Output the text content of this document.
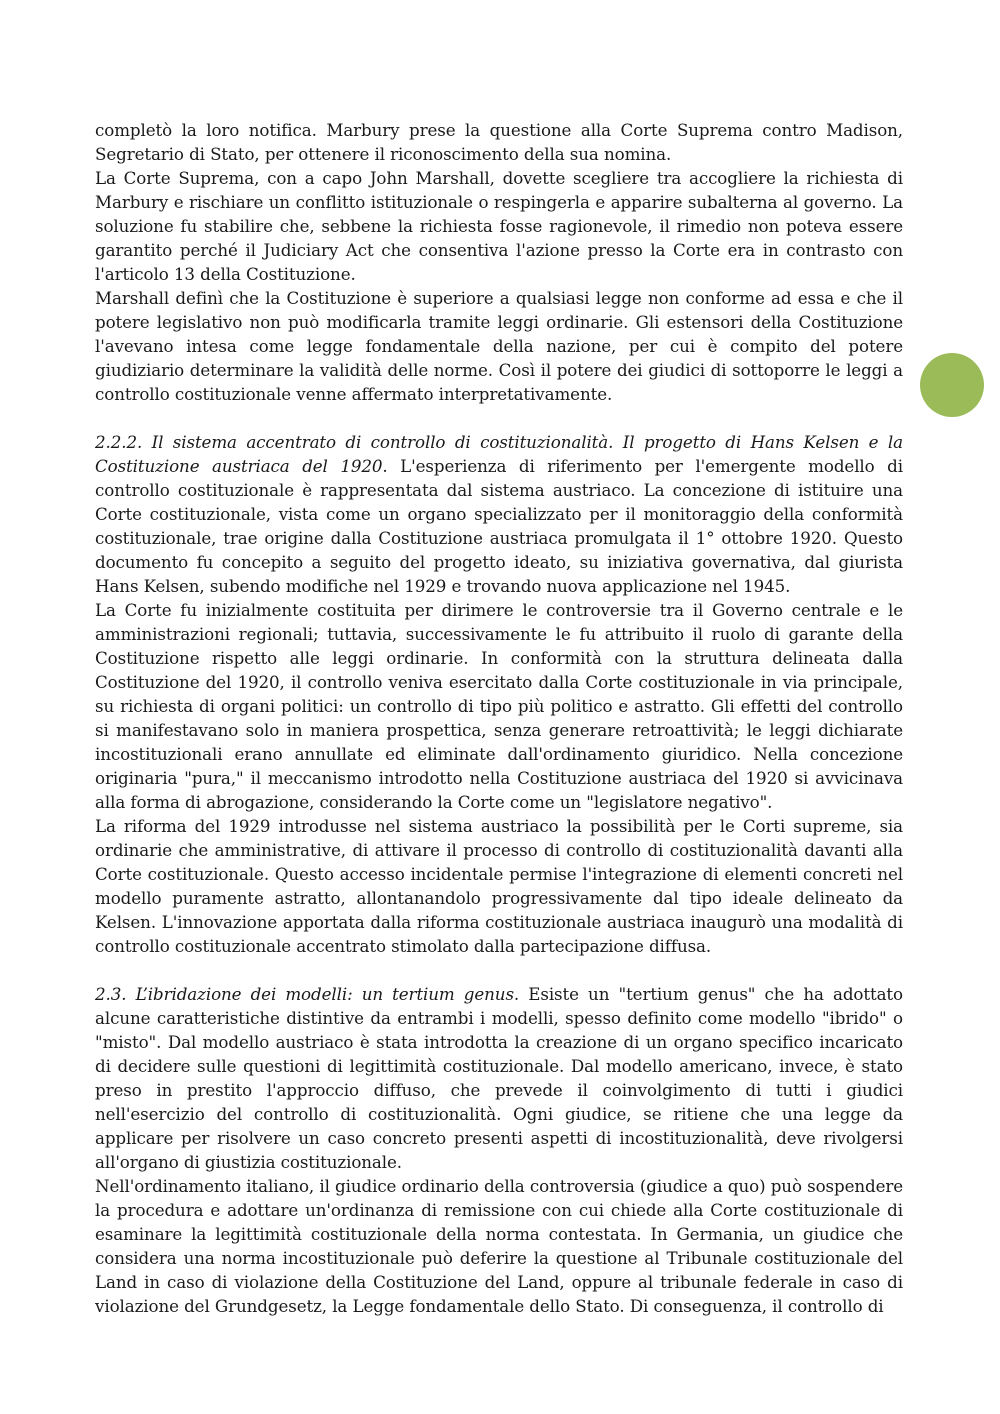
completò la loro notifica. Marbury prese la questione alla Corte Suprema contro Madison, Segretario di Stato, per ottenere il riconoscimento della sua nomina.

La Corte Suprema, con a capo John Marshall, dovette scegliere tra accogliere la richiesta di Marbury e rischiare un conflitto istituzionale o respingerla e apparire subalterna al governo. La soluzione fu stabilire che, sebbene la richiesta fosse ragionevole, il rimedio non poteva essere garantito perché il Judiciary Act che consentiva l'azione presso la Corte era in contrasto con l'articolo 13 della Costituzione.

Marshall definì che la Costituzione è superiore a qualsiasi legge non conforme ad essa e che il potere legislativo non può modificarla tramite leggi ordinarie. Gli estensori della Costituzione l'avevano intesa come legge fondamentale della nazione, per cui è compito del potere giudiziario determinare la validità delle norme. Così il potere dei giudici di sottoporre le leggi a controllo costituzionale venne affermato interpretativamente.

2.2.2. Il sistema accentrato di controllo di costituzionalità. Il progetto di Hans Kelsen e la Costituzione austriaca del 1920. L'esperienza di riferimento per l'emergente modello di controllo costituzionale è rappresentata dal sistema austriaco. La concezione di istituire una Corte costituzionale, vista come un organo specializzato per il monitoraggio della conformità costituzionale, trae origine dalla Costituzione austriaca promulgata il 1° ottobre 1920. Questo documento fu concepito a seguito del progetto ideato, su iniziativa governativa, dal giurista Hans Kelsen, subendo modifiche nel 1929 e trovando nuova applicazione nel 1945.

La Corte fu inizialmente costituita per dirimere le controversie tra il Governo centrale e le amministrazioni regionali; tuttavia, successivamente le fu attribuito il ruolo di garante della Costituzione rispetto alle leggi ordinarie. In conformità con la struttura delineata dalla Costituzione del 1920, il controllo veniva esercitato dalla Corte costituzionale in via principale, su richiesta di organi politici: un controllo di tipo più politico e astratto. Gli effetti del controllo si manifestavano solo in maniera prospettica, senza generare retroattività; le leggi dichiarate incostituzionali erano annullate ed eliminate dall'ordinamento giuridico. Nella concezione originaria "pura," il meccanismo introdotto nella Costituzione austriaca del 1920 si avvicinava alla forma di abrogazione, considerando la Corte come un "legislatore negativo".

La riforma del 1929 introdusse nel sistema austriaco la possibilità per le Corti supreme, sia ordinarie che amministrative, di attivare il processo di controllo di costituzionalità davanti alla Corte costituzionale. Questo accesso incidentale permise l'integrazione di elementi concreti nel modello puramente astratto, allontanandolo progressivamente dal tipo ideale delineato da Kelsen. L'innovazione apportata dalla riforma costituzionale austriaca inaugurò una modalità di controllo costituzionale accentrato stimolato dalla partecipazione diffusa.

2.3. L’ibridazione dei modelli: un tertium genus. Esiste un "tertium genus" che ha adottato alcune caratteristiche distintive da entrambi i modelli, spesso definito come modello "ibrido" o "misto". Dal modello austriaco è stata introdotta la creazione di un organo specifico incaricato di decidere sulle questioni di legittimità costituzionale. Dal modello americano, invece, è stato preso in prestito l'approccio diffuso, che prevede il coinvolgimento di tutti i giudici nell'esercizio del controllo di costituzionalità. Ogni giudice, se ritiene che una legge da applicare per risolvere un caso concreto presenti aspetti di incostituzionalità, deve rivolgersi all'organo di giustizia costituzionale.

Nell'ordinamento italiano, il giudice ordinario della controversia (giudice a quo) può sospendere la procedura e adottare un'ordinanza di remissione con cui chiede alla Corte costituzionale di esaminare la legittimità costituzionale della norma contestata. In Germania, un giudice che considera una norma incostituzionale può deferire la questione al Tribunale costituzionale del Land in caso di violazione della Costituzione del Land, oppure al tribunale federale in caso di violazione del Grundgesetz, la Legge fondamentale dello Stato. Di conseguenza, il controllo di
